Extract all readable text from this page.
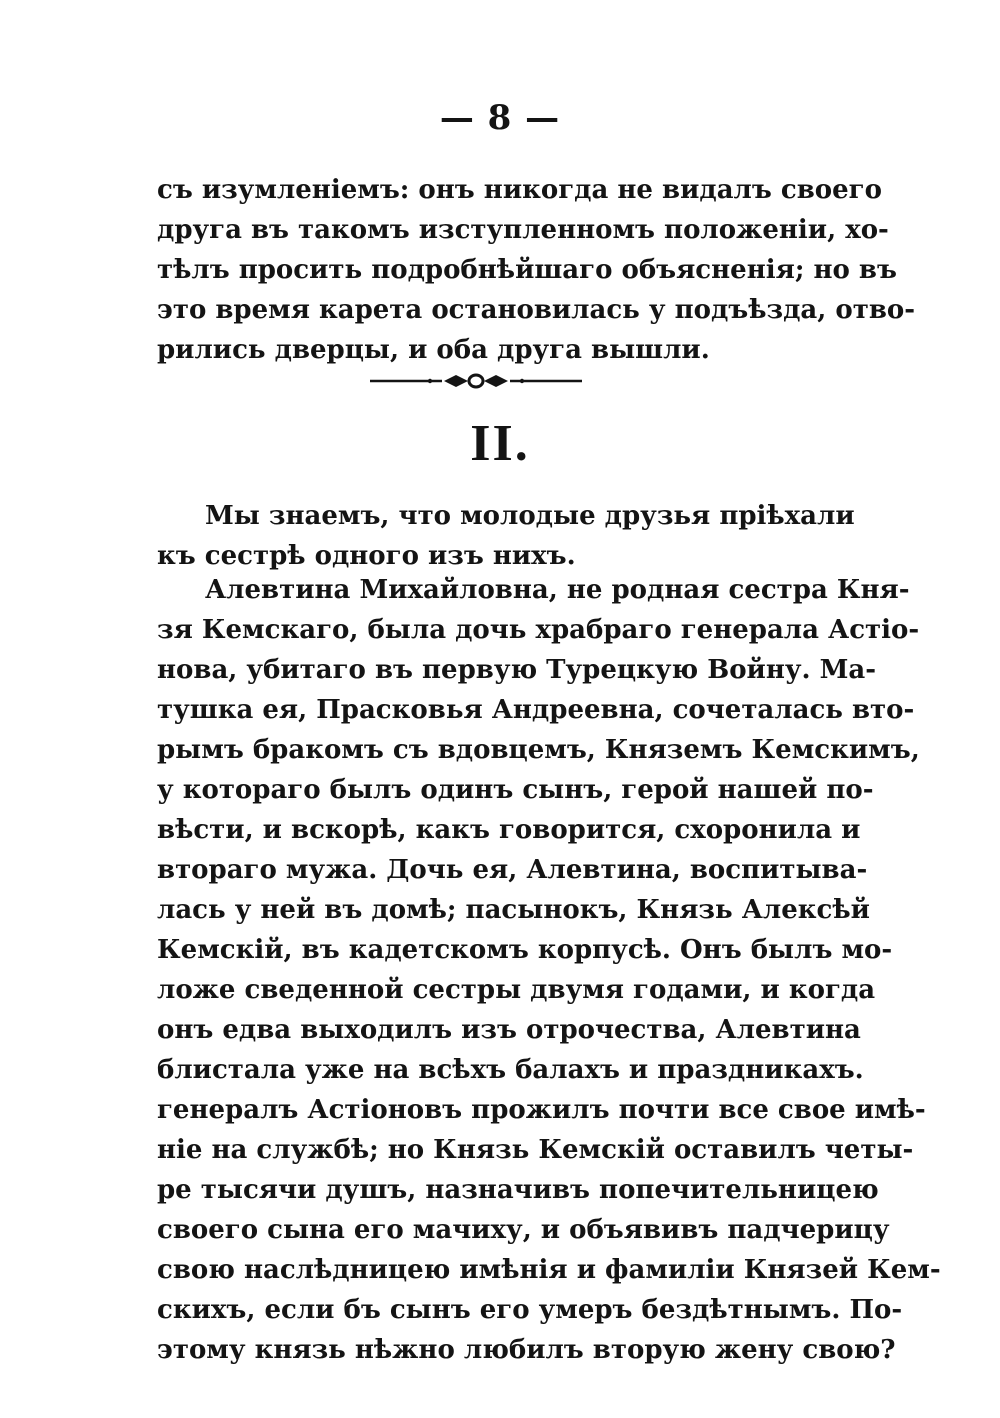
— 8 —
съ изумленіемъ: онъ никогда не видалъ своего
друга въ такомъ изступленномъ положеніи, хо-
тѣлъ просить подробнѣйшаго объясненія; но въ
это время карета остановилась у подъѣзда, отво-
рились дверцы, и оба друга вышли.
II.
Мы знаемъ, что молодые друзья пріѣхали
къ сестрѣ одного изъ нихъ.
Алевтина Михайловна, не родная сестра Кня-
зя Кемскаго, была дочь храбраго генерала Астіо-
нова, убитаго въ первую Турецкую Войну. Ма-
тушка ея, Прасковья Андреевна, сочеталась вто-
рымъ бракомъ съ вдовцемъ, Княземъ Кемскимъ,
у котораго былъ одинъ сынъ, герой нашей по-
вѣсти, и вскорѣ, какъ говорится, схоронила и
втораго мужа. Дочь ея, Алевтина, воспитыва-
лась у ней въ домѣ; пасынокъ, Князь Алексѣй
Кемскій, въ кадетскомъ корпусѣ. Онъ былъ мо-
ложе сведенной сестры двумя годами, и когда
онъ едва выходилъ изъ отрочества, Алевтина
блистала уже на всѣхъ балахъ и праздникахъ.
генералъ Астіоновъ прожилъ почти все свое имѣ-
ніе на службѣ; но Князь Кемскій оставилъ четы-
ре тысячи душъ, назначивъ попечительницею
своего сына его мачиху, и объявивъ падчерицу
свою наслѣдницею имѣнія и фамиліи Князей Кем-
скихъ, если бъ сынъ его умеръ бездѣтнымъ. По-
этому князь нѣжно любилъ вторую жену свою?
